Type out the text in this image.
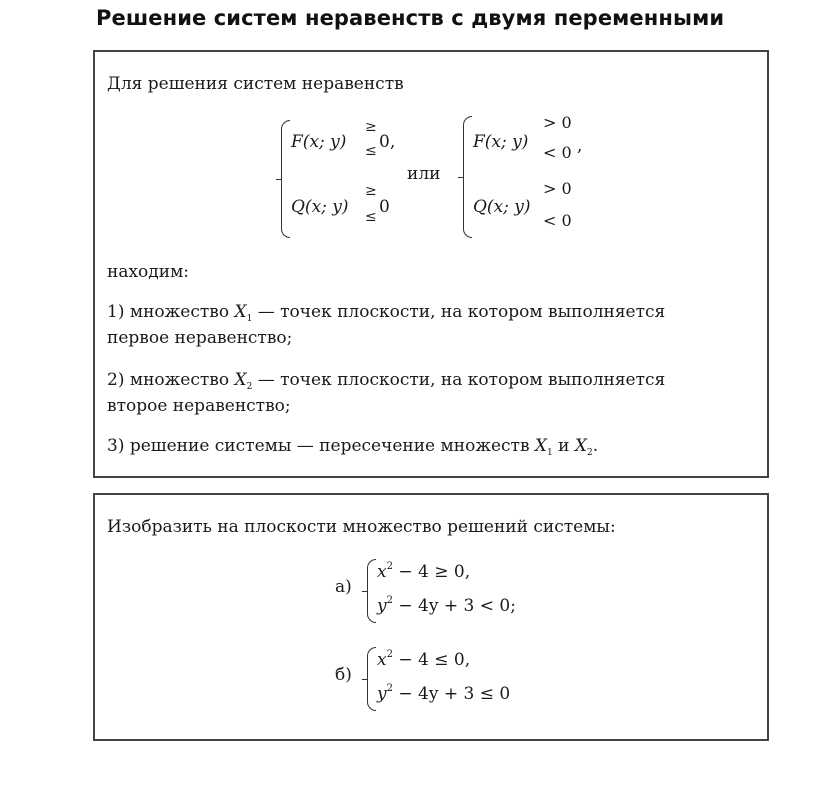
Решение систем неравенств с двумя переменными
Для решения систем неравенств
F(x; y)
≥
≤ 0,
Q(x; y)
≥
≤ 0
или
F(x; y)
> 0
< 0 ,
Q(x; y)
> 0
< 0
находим:
1) множество $X_1$ — точек плоскости, на котором выполняется
первое неравенство;
2) множество $X_2$ — точек плоскости, на котором выполняется
второе неравенство;
3) решение системы — пересечение множеств $X_1$ и $X_2$.
Изобразить на плоскости множество решений системы:
а)
$x^2 - 4 \ge 0$,
$y^2 - 4y + 3 < 0$;
б)
$x^2 - 4 \le 0$,
$y^2 - 4y + 3 \le 0$
